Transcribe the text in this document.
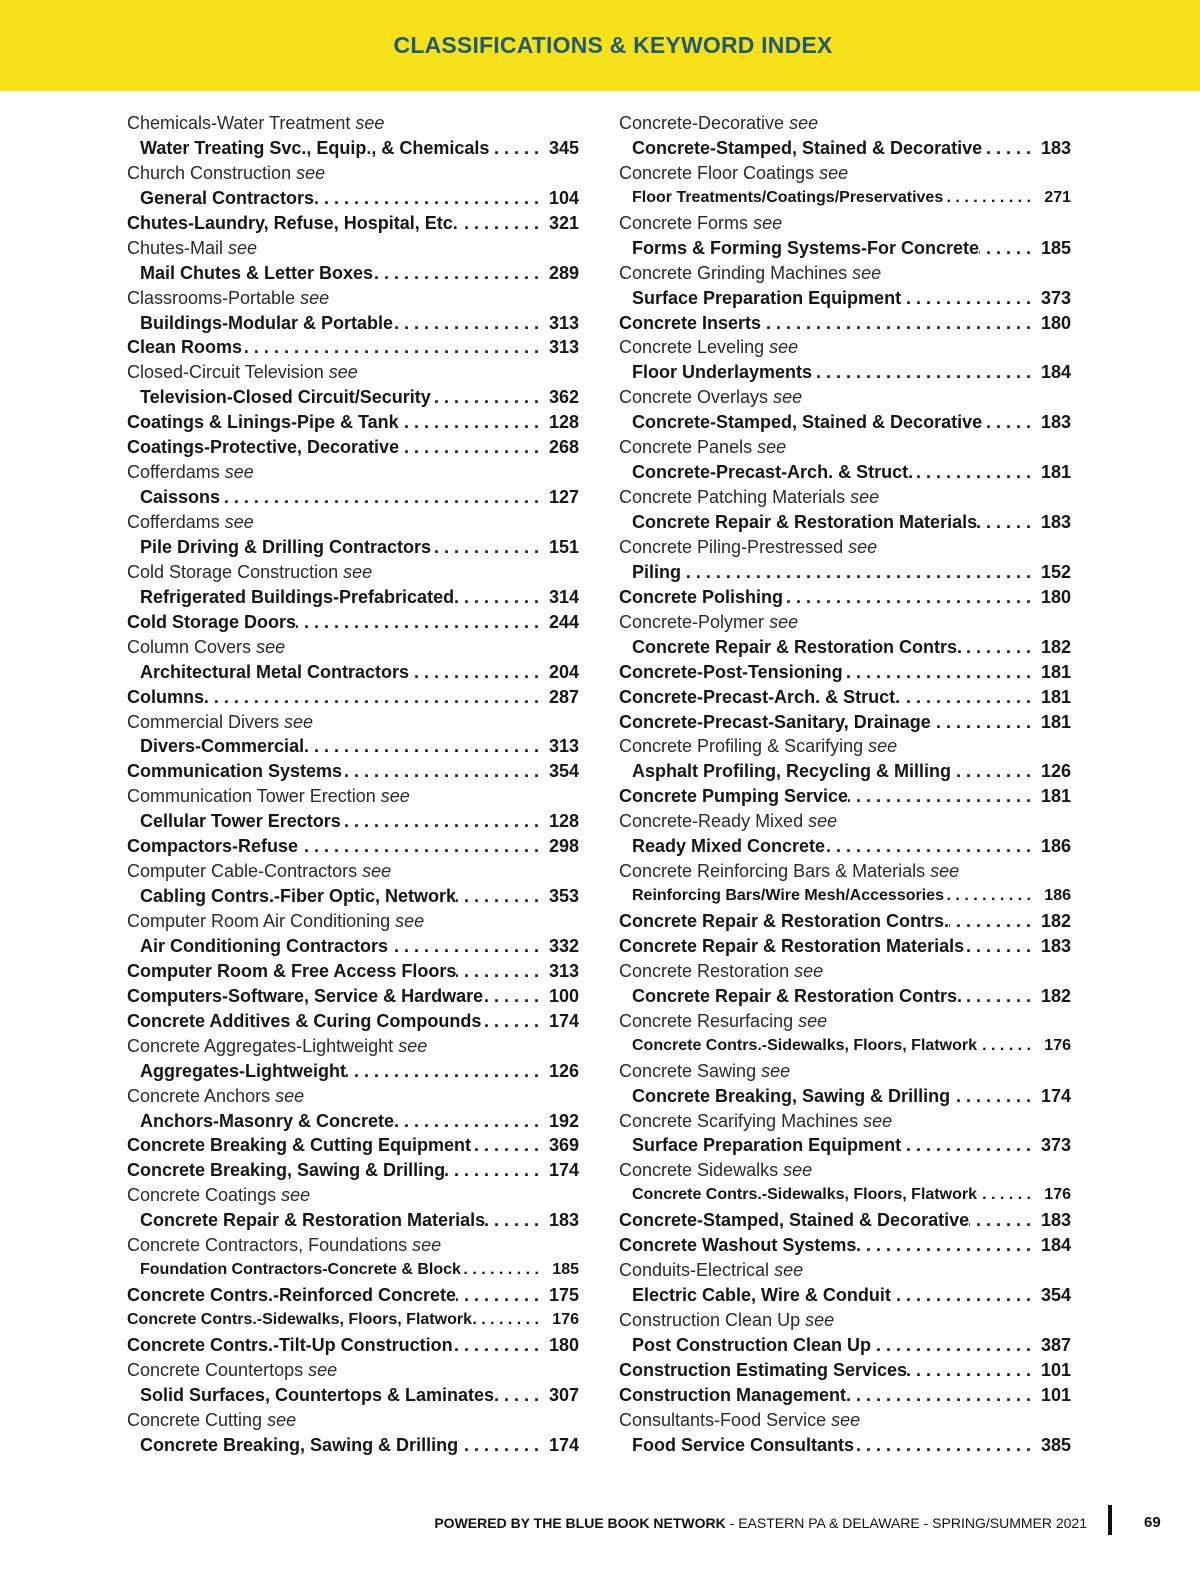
CLASSIFICATIONS & KEYWORD INDEX
Chemicals-Water Treatment see
Water Treating Svc., Equip., & Chemicals . . .	345
Church Construction see
General Contractors . . .	104
Chutes-Laundry, Refuse, Hospital, Etc. . . .	321
Chutes-Mail see
Mail Chutes & Letter Boxes . . .	289
Classrooms-Portable see
Buildings-Modular & Portable . . .	313
Clean Rooms . . .	313
Closed-Circuit Television see
Television-Closed Circuit/Security . . .	362
Coatings & Linings-Pipe & Tank . . .	128
Coatings-Protective, Decorative . . .	268
Cofferdams see
Caissons . . .	127
Cofferdams see
Pile Driving & Drilling Contractors . . .	151
Cold Storage Construction see
Refrigerated Buildings-Prefabricated . . .	314
Cold Storage Doors . . .	244
Column Covers see
Architectural Metal Contractors . . .	204
Columns . . .	287
Commercial Divers see
Divers-Commercial . . .	313
Communication Systems . . .	354
Communication Tower Erection see
Cellular Tower Erectors . . .	128
Compactors-Refuse . . .	298
Computer Cable-Contractors see
Cabling Contrs.-Fiber Optic, Network . . .	353
Computer Room Air Conditioning see
Air Conditioning Contractors . . .	332
Computer Room & Free Access Floors . . .	313
Computers-Software, Service & Hardware . . .	100
Concrete Additives & Curing Compounds . . .	174
Concrete Aggregates-Lightweight see
Aggregates-Lightweight . . .	126
Concrete Anchors see
Anchors-Masonry & Concrete . . .	192
Concrete Breaking & Cutting Equipment . . .	369
Concrete Breaking, Sawing & Drilling . . .	174
Concrete Coatings see
Concrete Repair & Restoration Materials . . .	183
Concrete Contractors, Foundations see
Foundation Contractors-Concrete & Block . . .	185
Concrete Contrs.-Reinforced Concrete . . .	175
Concrete Contrs.-Sidewalks, Floors, Flatwork . . .	176
Concrete Contrs.-Tilt-Up Construction . . .	180
Concrete Countertops see
Solid Surfaces, Countertops & Laminates . . .	307
Concrete Cutting see
Concrete Breaking, Sawing & Drilling . . .	174
Concrete-Decorative see
Concrete-Stamped, Stained & Decorative . . .	183
Concrete Floor Coatings see
Floor Treatments/Coatings/Preservatives . . .	271
Concrete Forms see
Forms & Forming Systems-For Concrete . . .	185
Concrete Grinding Machines see
Surface Preparation Equipment . . .	373
Concrete Inserts . . .	180
Concrete Leveling see
Floor Underlayments . . .	184
Concrete Overlays see
Concrete-Stamped, Stained & Decorative . . .	183
Concrete Panels see
Concrete-Precast-Arch. & Struct. . . .	181
Concrete Patching Materials see
Concrete Repair & Restoration Materials . . .	183
Concrete Piling-Prestressed see
Piling . . .	152
Concrete Polishing . . .	180
Concrete-Polymer see
Concrete Repair & Restoration Contrs. . . .	182
Concrete-Post-Tensioning . . .	181
Concrete-Precast-Arch. & Struct. . . .	181
Concrete-Precast-Sanitary, Drainage . . .	181
Concrete Profiling & Scarifying see
Asphalt Profiling, Recycling & Milling . . .	126
Concrete Pumping Service . . .	181
Concrete-Ready Mixed see
Ready Mixed Concrete . . .	186
Concrete Reinforcing Bars & Materials see
Reinforcing Bars/Wire Mesh/Accessories . . .	186
Concrete Repair & Restoration Contrs. . . .	182
Concrete Repair & Restoration Materials . . .	183
Concrete Restoration see
Concrete Repair & Restoration Contrs. . . .	182
Concrete Resurfacing see
Concrete Contrs.-Sidewalks, Floors, Flatwork . . .	176
Concrete Sawing see
Concrete Breaking, Sawing & Drilling . . .	174
Concrete Scarifying Machines see
Surface Preparation Equipment . . .	373
Concrete Sidewalks see
Concrete Contrs.-Sidewalks, Floors, Flatwork . . .	176
Concrete-Stamped, Stained & Decorative . . .	183
Concrete Washout Systems . . .	184
Conduits-Electrical see
Electric Cable, Wire & Conduit . . .	354
Construction Clean Up see
Post Construction Clean Up . . .	387
Construction Estimating Services . . .	101
Construction Management . . .	101
Consultants-Food Service see
Food Service Consultants . . .	385
POWERED BY THE BLUE BOOK NETWORK - EASTERN PA & DELAWARE - SPRING/SUMMER 2021	69
